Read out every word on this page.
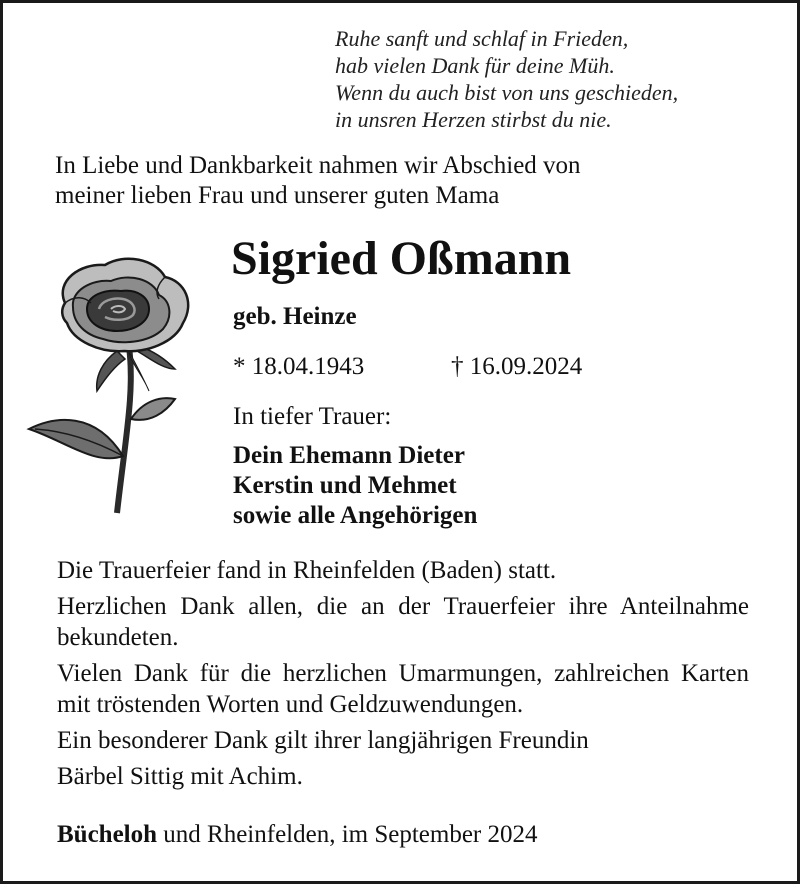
Ruhe sanft und schlaf in Frieden,
hab vielen Dank für deine Müh.
Wenn du auch bist von uns geschieden,
in unsren Herzen stirbst du nie.
In Liebe und Dankbarkeit nahmen wir Abschied von
meiner lieben Frau und unserer guten Mama
Sigried Oßmann
geb. Heinze
* 18.04.1943	† 16.09.2024
In tiefer Trauer:
Dein Ehemann Dieter
Kerstin und Mehmet
sowie alle Angehörigen

Die Trauerfeier fand in Rheinfelden (Baden) statt.

Herzlichen Dank allen, die an der Trauerfeier ihre Anteilnahme bekundeten.

Vielen Dank für die herzlichen Umarmungen, zahlreichen Karten mit tröstenden Worten und Geldzuwendungen.

Ein besonderer Dank gilt ihrer langjährigen Freundin

Bärbel Sittig mit Achim.

Bücheloh und Rheinfelden, im September 2024
